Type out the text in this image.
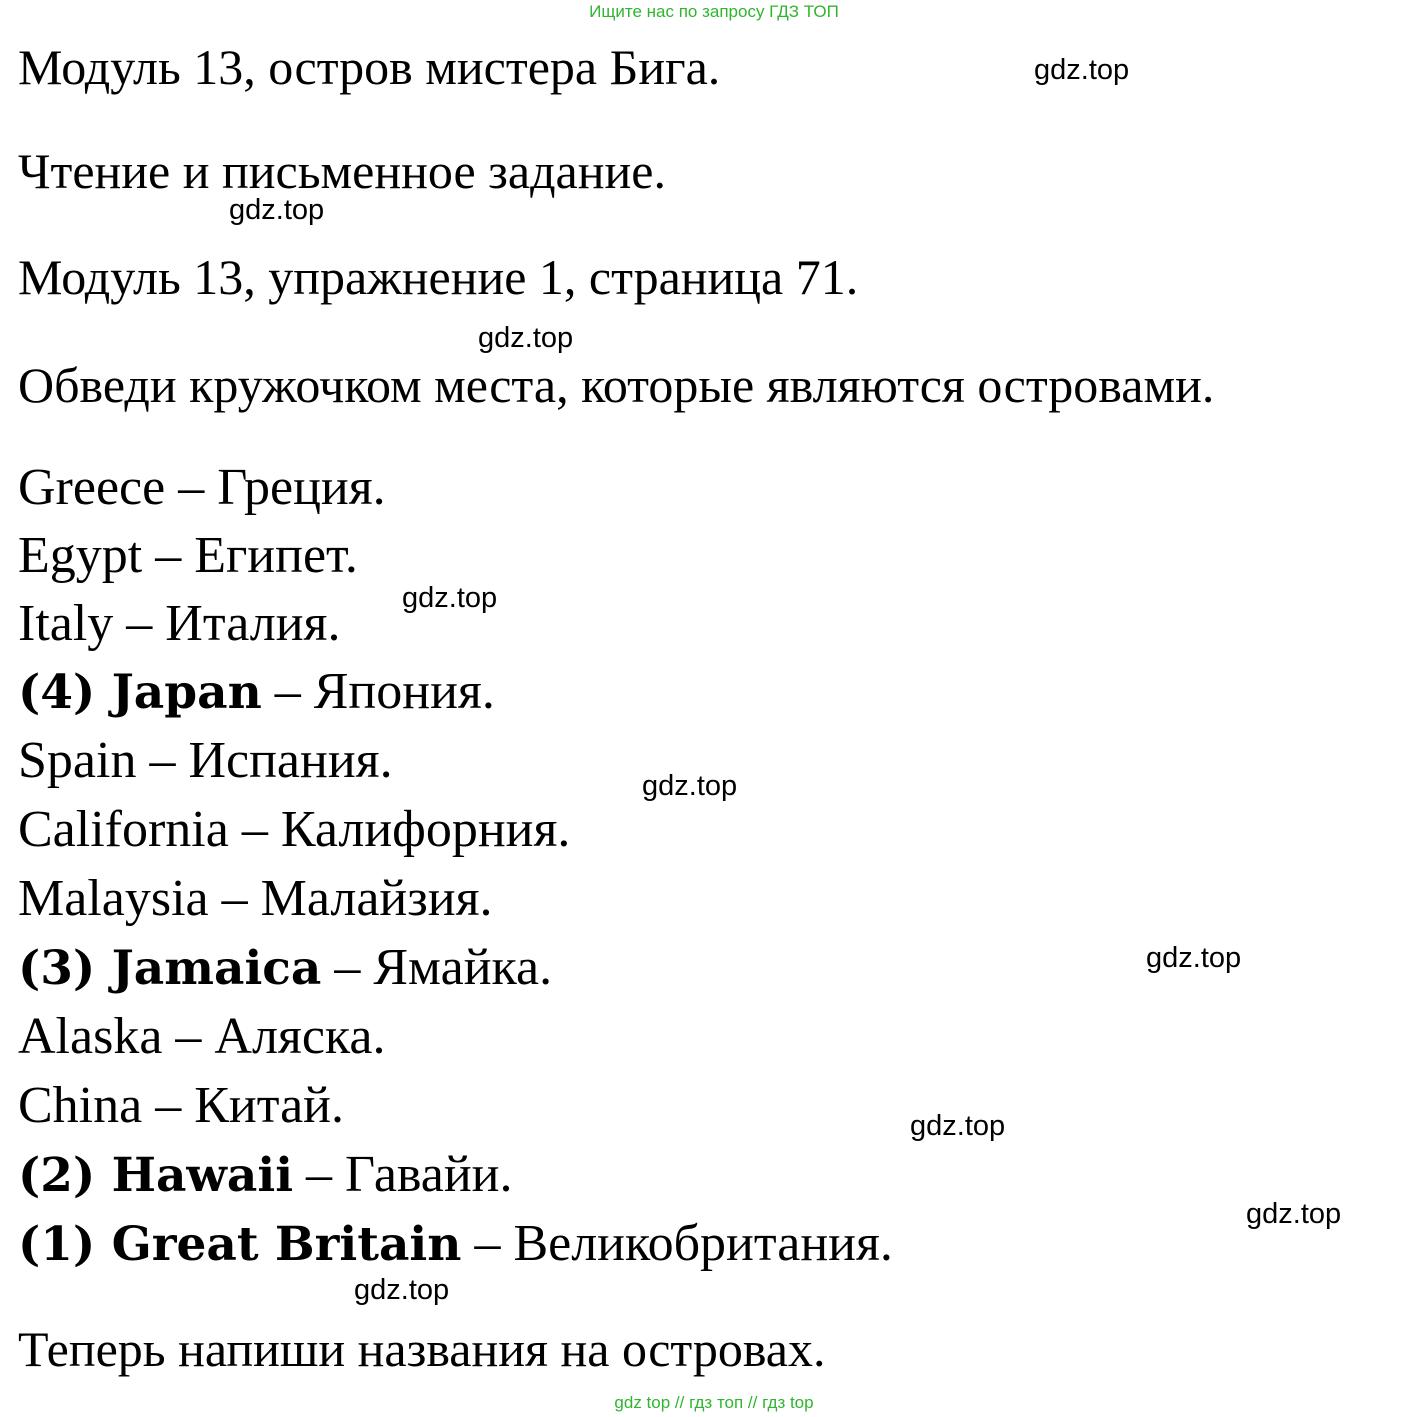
Ищите нас по запросу ГДЗ ТОП
Модуль 13, остров мистера Бига.	gdz.top
Чтение и письменное задание.
gdz.top
Модуль 13, упражнение 1, страница 71.
gdz.top
Обведи кружочком места, которые являются островами.
Greece – Греция.
Egypt – Египет.
Italy – Италия.
(4) Japan – Япония.
Spain – Испания.
California – Калифорния.
Malaysia – Малайзия.
(3) Jamaica – Ямайка.
Alaska – Аляска.
China – Китай.
(2) Hawaii – Гавайи.
(1) Great Britain – Великобритания.
gdz.top
gdz.top
gdz.top
gdz.top
gdz.top
gdz.top
Теперь напиши названия на островах.
gdz top // гдз топ // гдз top
